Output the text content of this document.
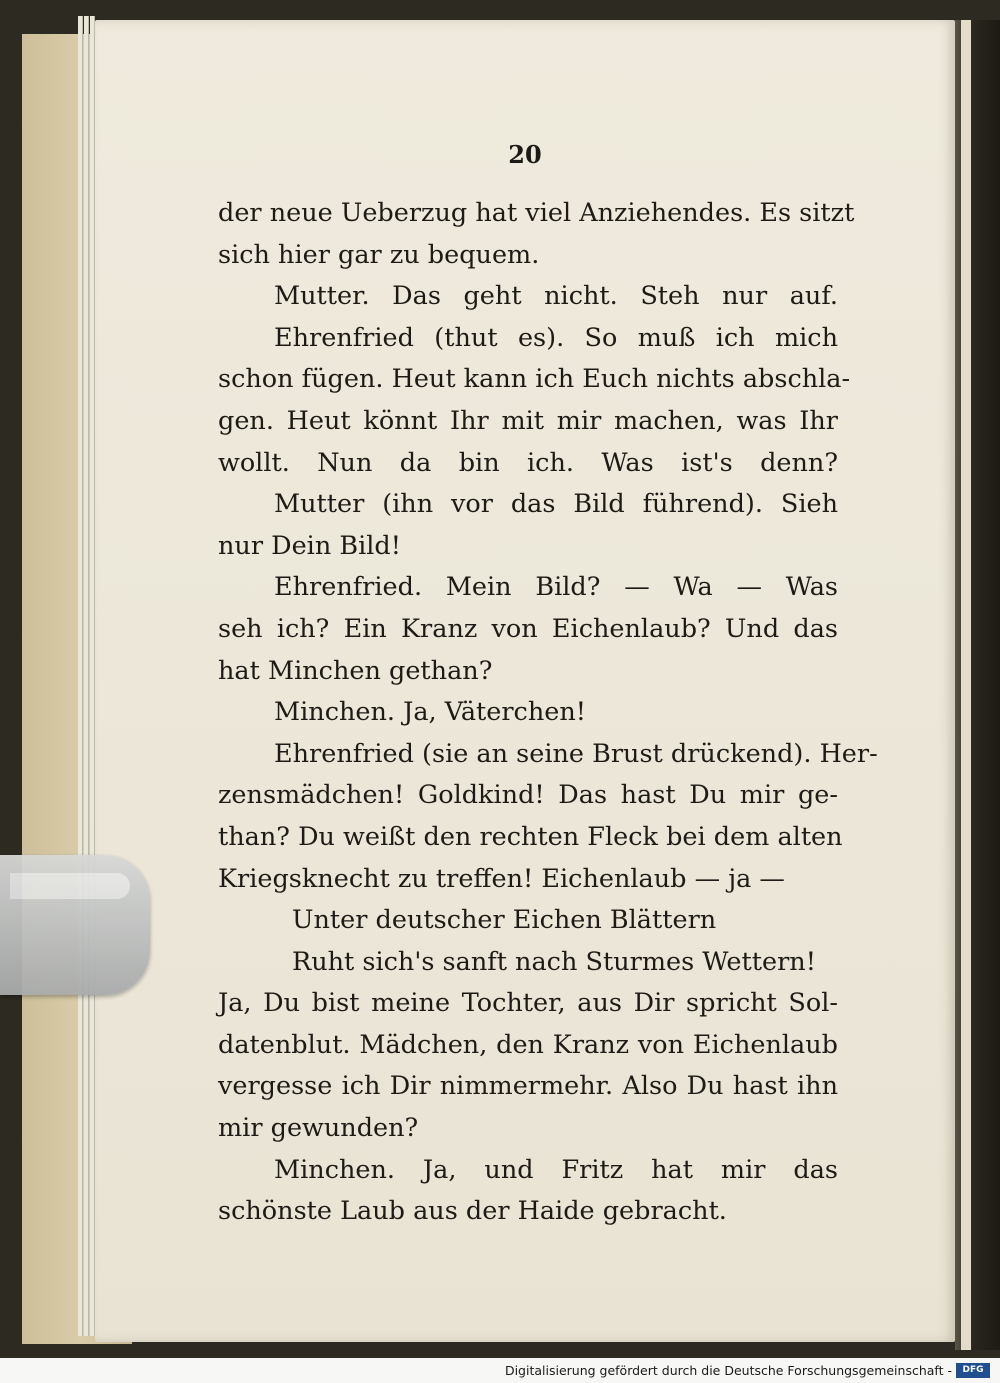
20
der neue Ueberzug hat viel Anziehendes. Es sitzt
sich hier gar zu bequem.
Mutter. Das geht nicht. Steh nur auf.
Ehrenfried (thut es). So muß ich mich
schon fügen. Heut kann ich Euch nichts abschla-
gen. Heut könnt Ihr mit mir machen, was Ihr
wollt. Nun da bin ich. Was ist's denn?
Mutter (ihn vor das Bild führend). Sieh
nur Dein Bild!
Ehrenfried. Mein Bild? — Wa — Was
seh ich? Ein Kranz von Eichenlaub? Und das
hat Minchen gethan?
Minchen. Ja, Väterchen!
Ehrenfried (sie an seine Brust drückend). Her-
zensmädchen! Goldkind! Das hast Du mir ge-
than? Du weißt den rechten Fleck bei dem alten
Kriegsknecht zu treffen! Eichenlaub — ja —
Unter deutscher Eichen Blättern
Ruht sich's sanft nach Sturmes Wettern!
Ja, Du bist meine Tochter, aus Dir spricht Sol-
datenblut. Mädchen, den Kranz von Eichenlaub
vergesse ich Dir nimmermehr. Also Du hast ihn
mir gewunden?
Minchen. Ja, und Fritz hat mir das
schönste Laub aus der Haide gebracht.
Digitalisierung gefördert durch die Deutsche Forschungsgemeinschaft -	DFG
